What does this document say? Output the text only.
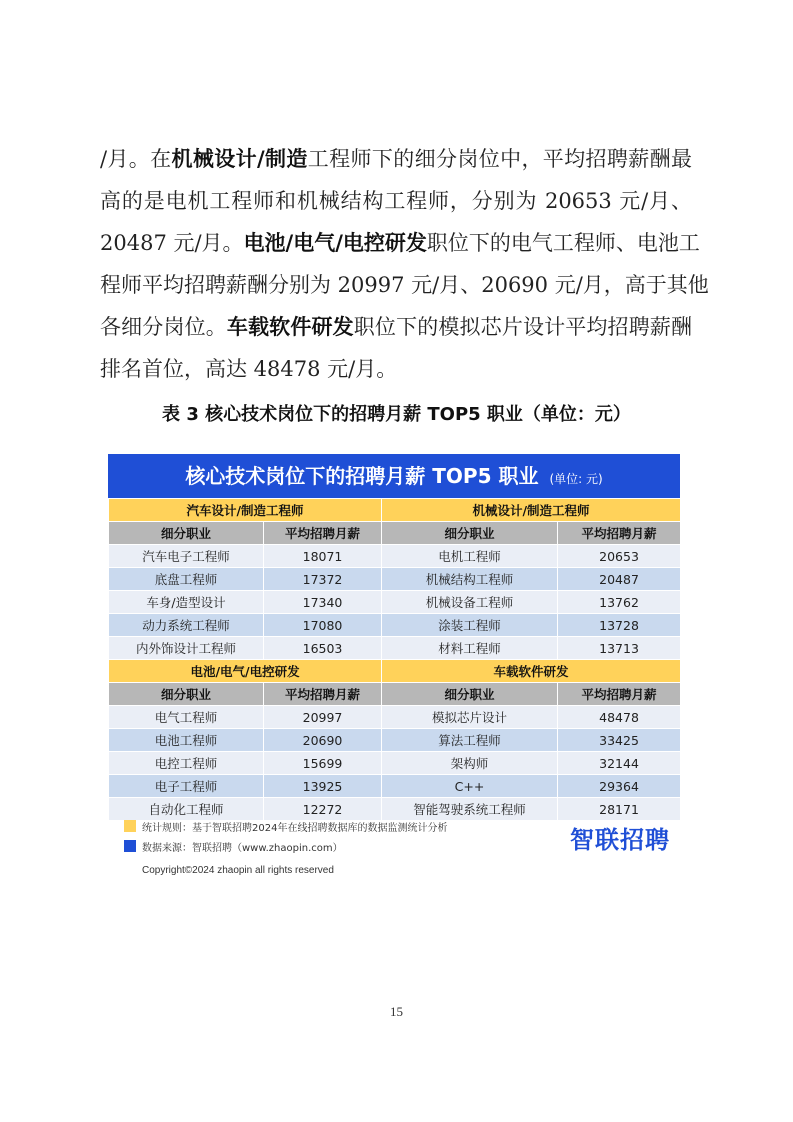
/月。在机械设计/制造工程师下的细分岗位中，平均招聘薪酬最
高的是电机工程师和机械结构工程师，分别为 20653 元/月、
20487 元/月。电池/电气/电控研发职位下的电气工程师、电池工
程师平均招聘薪酬分别为 20997 元/月、20690 元/月，高于其他
各细分岗位。车载软件研发职位下的模拟芯片设计平均招聘薪酬
排名首位，高达 48478 元/月。
表 3 核心技术岗位下的招聘月薪 TOP5 职业（单位：元）
核心技术岗位下的招聘月薪 TOP5 职业 (单位: 元)
汽车设计/制造工程师		机械设计/制造工程师	
细分职业	平均招聘月薪	细分职业	平均招聘月薪
汽车电子工程师	18071	电机工程师	20653
底盘工程师	17372	机械结构工程师	20487
车身/造型设计	17340	机械设备工程师	13762
动力系统工程师	17080	涂装工程师	13728
内外饰设计工程师	16503	材料工程师	13713
电池/电气/电控研发		车载软件研发	
细分职业	平均招聘月薪	细分职业	平均招聘月薪
电气工程师	20997	模拟芯片设计	48478
电池工程师	20690	算法工程师	33425
电控工程师	15699	架构师	32144
电子工程师	13925	C++	29364
自动化工程师	12272	智能驾驶系统工程师	28171
统计规则：基于智联招聘2024年在线招聘数据库的数据监测统计分析
数据来源：智联招聘（www.zhaopin.com）	智联招聘
Copyright©2024 zhaopin all rights reserved
15
